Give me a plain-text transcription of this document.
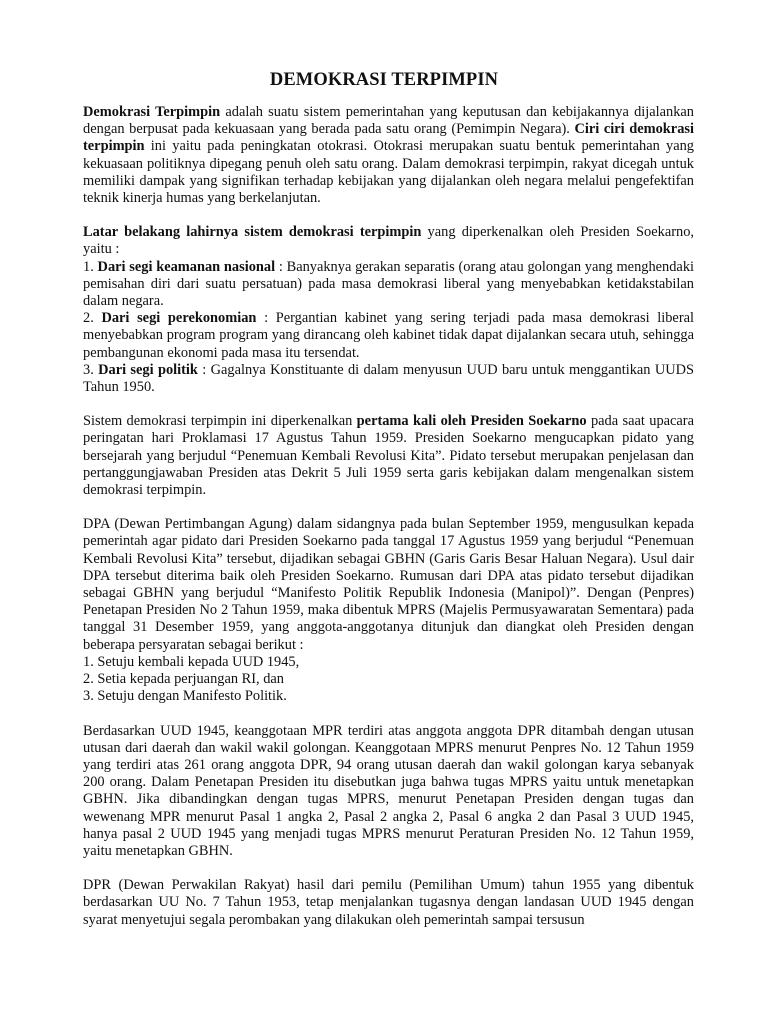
DEMOKRASI TERPIMPIN

Demokrasi Terpimpin adalah suatu sistem pemerintahan yang keputusan dan kebijakannya dijalankan dengan berpusat pada kekuasaan yang berada pada satu orang (Pemimpin Negara). Ciri ciri demokrasi terpimpin ini yaitu pada peningkatan otokrasi. Otokrasi merupakan suatu bentuk pemerintahan yang kekuasaan politiknya dipegang penuh oleh satu orang. Dalam demokrasi terpimpin, rakyat dicegah untuk memiliki dampak yang signifikan terhadap kebijakan yang dijalankan oleh negara melalui pengefektifan teknik kinerja humas yang berkelanjutan.

Latar belakang lahirnya sistem demokrasi terpimpin yang diperkenalkan oleh Presiden Soekarno, yaitu :
1. Dari segi keamanan nasional : Banyaknya gerakan separatis (orang atau golongan yang menghendaki pemisahan diri dari suatu persatuan) pada masa demokrasi liberal yang menyebabkan ketidakstabilan dalam negara.
2. Dari segi perekonomian : Pergantian kabinet yang sering terjadi pada masa demokrasi liberal menyebabkan program program yang dirancang oleh kabinet tidak dapat dijalankan secara utuh, sehingga pembangunan ekonomi pada masa itu tersendat.
3. Dari segi politik : Gagalnya Konstituante di dalam menyusun UUD baru untuk menggantikan UUDS Tahun 1950.

Sistem demokrasi terpimpin ini diperkenalkan pertama kali oleh Presiden Soekarno pada saat upacara peringatan hari Proklamasi 17 Agustus Tahun 1959. Presiden Soekarno mengucapkan pidato yang bersejarah yang berjudul “Penemuan Kembali Revolusi Kita”. Pidato tersebut merupakan penjelasan dan pertanggungjawaban Presiden atas Dekrit 5 Juli 1959 serta garis kebijakan dalam mengenalkan sistem demokrasi terpimpin.

DPA (Dewan Pertimbangan Agung) dalam sidangnya pada bulan September 1959, mengusulkan kepada pemerintah agar pidato dari Presiden Soekarno pada tanggal 17 Agustus 1959 yang berjudul “Penemuan Kembali Revolusi Kita” tersebut, dijadikan sebagai GBHN (Garis Garis Besar Haluan Negara). Usul dair DPA tersebut diterima baik oleh Presiden Soekarno. Rumusan dari DPA atas pidato tersebut dijadikan sebagai GBHN yang berjudul “Manifesto Politik Republik Indonesia (Manipol)”. Dengan (Penpres) Penetapan Presiden No 2 Tahun 1959, maka dibentuk MPRS (Majelis Permusyawaratan Sementara) pada tanggal 31 Desember 1959, yang anggota-anggotanya ditunjuk dan diangkat oleh Presiden dengan beberapa persyaratan sebagai berikut :
1. Setuju kembali kepada UUD 1945,
2. Setia kepada perjuangan RI, dan
3. Setuju dengan Manifesto Politik.

Berdasarkan UUD 1945, keanggotaan MPR terdiri atas anggota anggota DPR ditambah dengan utusan utusan dari daerah dan wakil wakil golongan. Keanggotaan MPRS menurut Penpres No. 12 Tahun 1959 yang terdiri atas 261 orang anggota DPR, 94 orang utusan daerah dan wakil golongan karya sebanyak 200 orang. Dalam Penetapan Presiden itu disebutkan juga bahwa tugas MPRS yaitu untuk menetapkan GBHN. Jika dibandingkan dengan tugas MPRS, menurut Penetapan Presiden dengan tugas dan wewenang MPR menurut Pasal 1 angka 2, Pasal 2 angka 2, Pasal 6 angka 2 dan Pasal 3 UUD 1945, hanya pasal 2 UUD 1945 yang menjadi tugas MPRS menurut Peraturan Presiden No. 12 Tahun 1959, yaitu menetapkan GBHN.

DPR (Dewan Perwakilan Rakyat) hasil dari pemilu (Pemilihan Umum) tahun 1955 yang dibentuk berdasarkan UU No. 7 Tahun 1953, tetap menjalankan tugasnya dengan landasan UUD 1945 dengan syarat menyetujui segala perombakan yang dilakukan oleh pemerintah sampai tersusun
